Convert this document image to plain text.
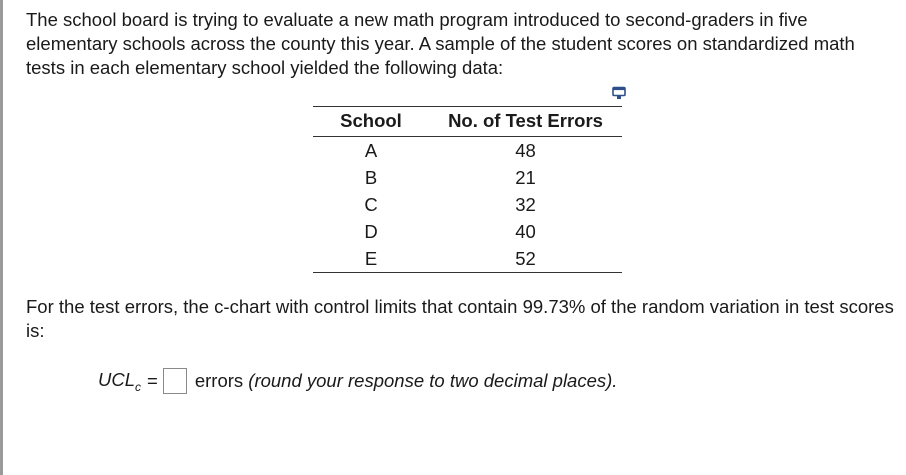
The school board is trying to evaluate a new math program introduced to second-graders in five elementary schools across the county this year. A sample of the student scores on standardized math tests in each elementary school yielded the following data:
School	No. of Test Errors
A	48
B	21
C	32
D	40
E	52
For the test errors, the c-chart with control limits that contain 99.73% of the random variation in test scores is:
$UCL_c$ = errors
(round your response to two decimal places).
